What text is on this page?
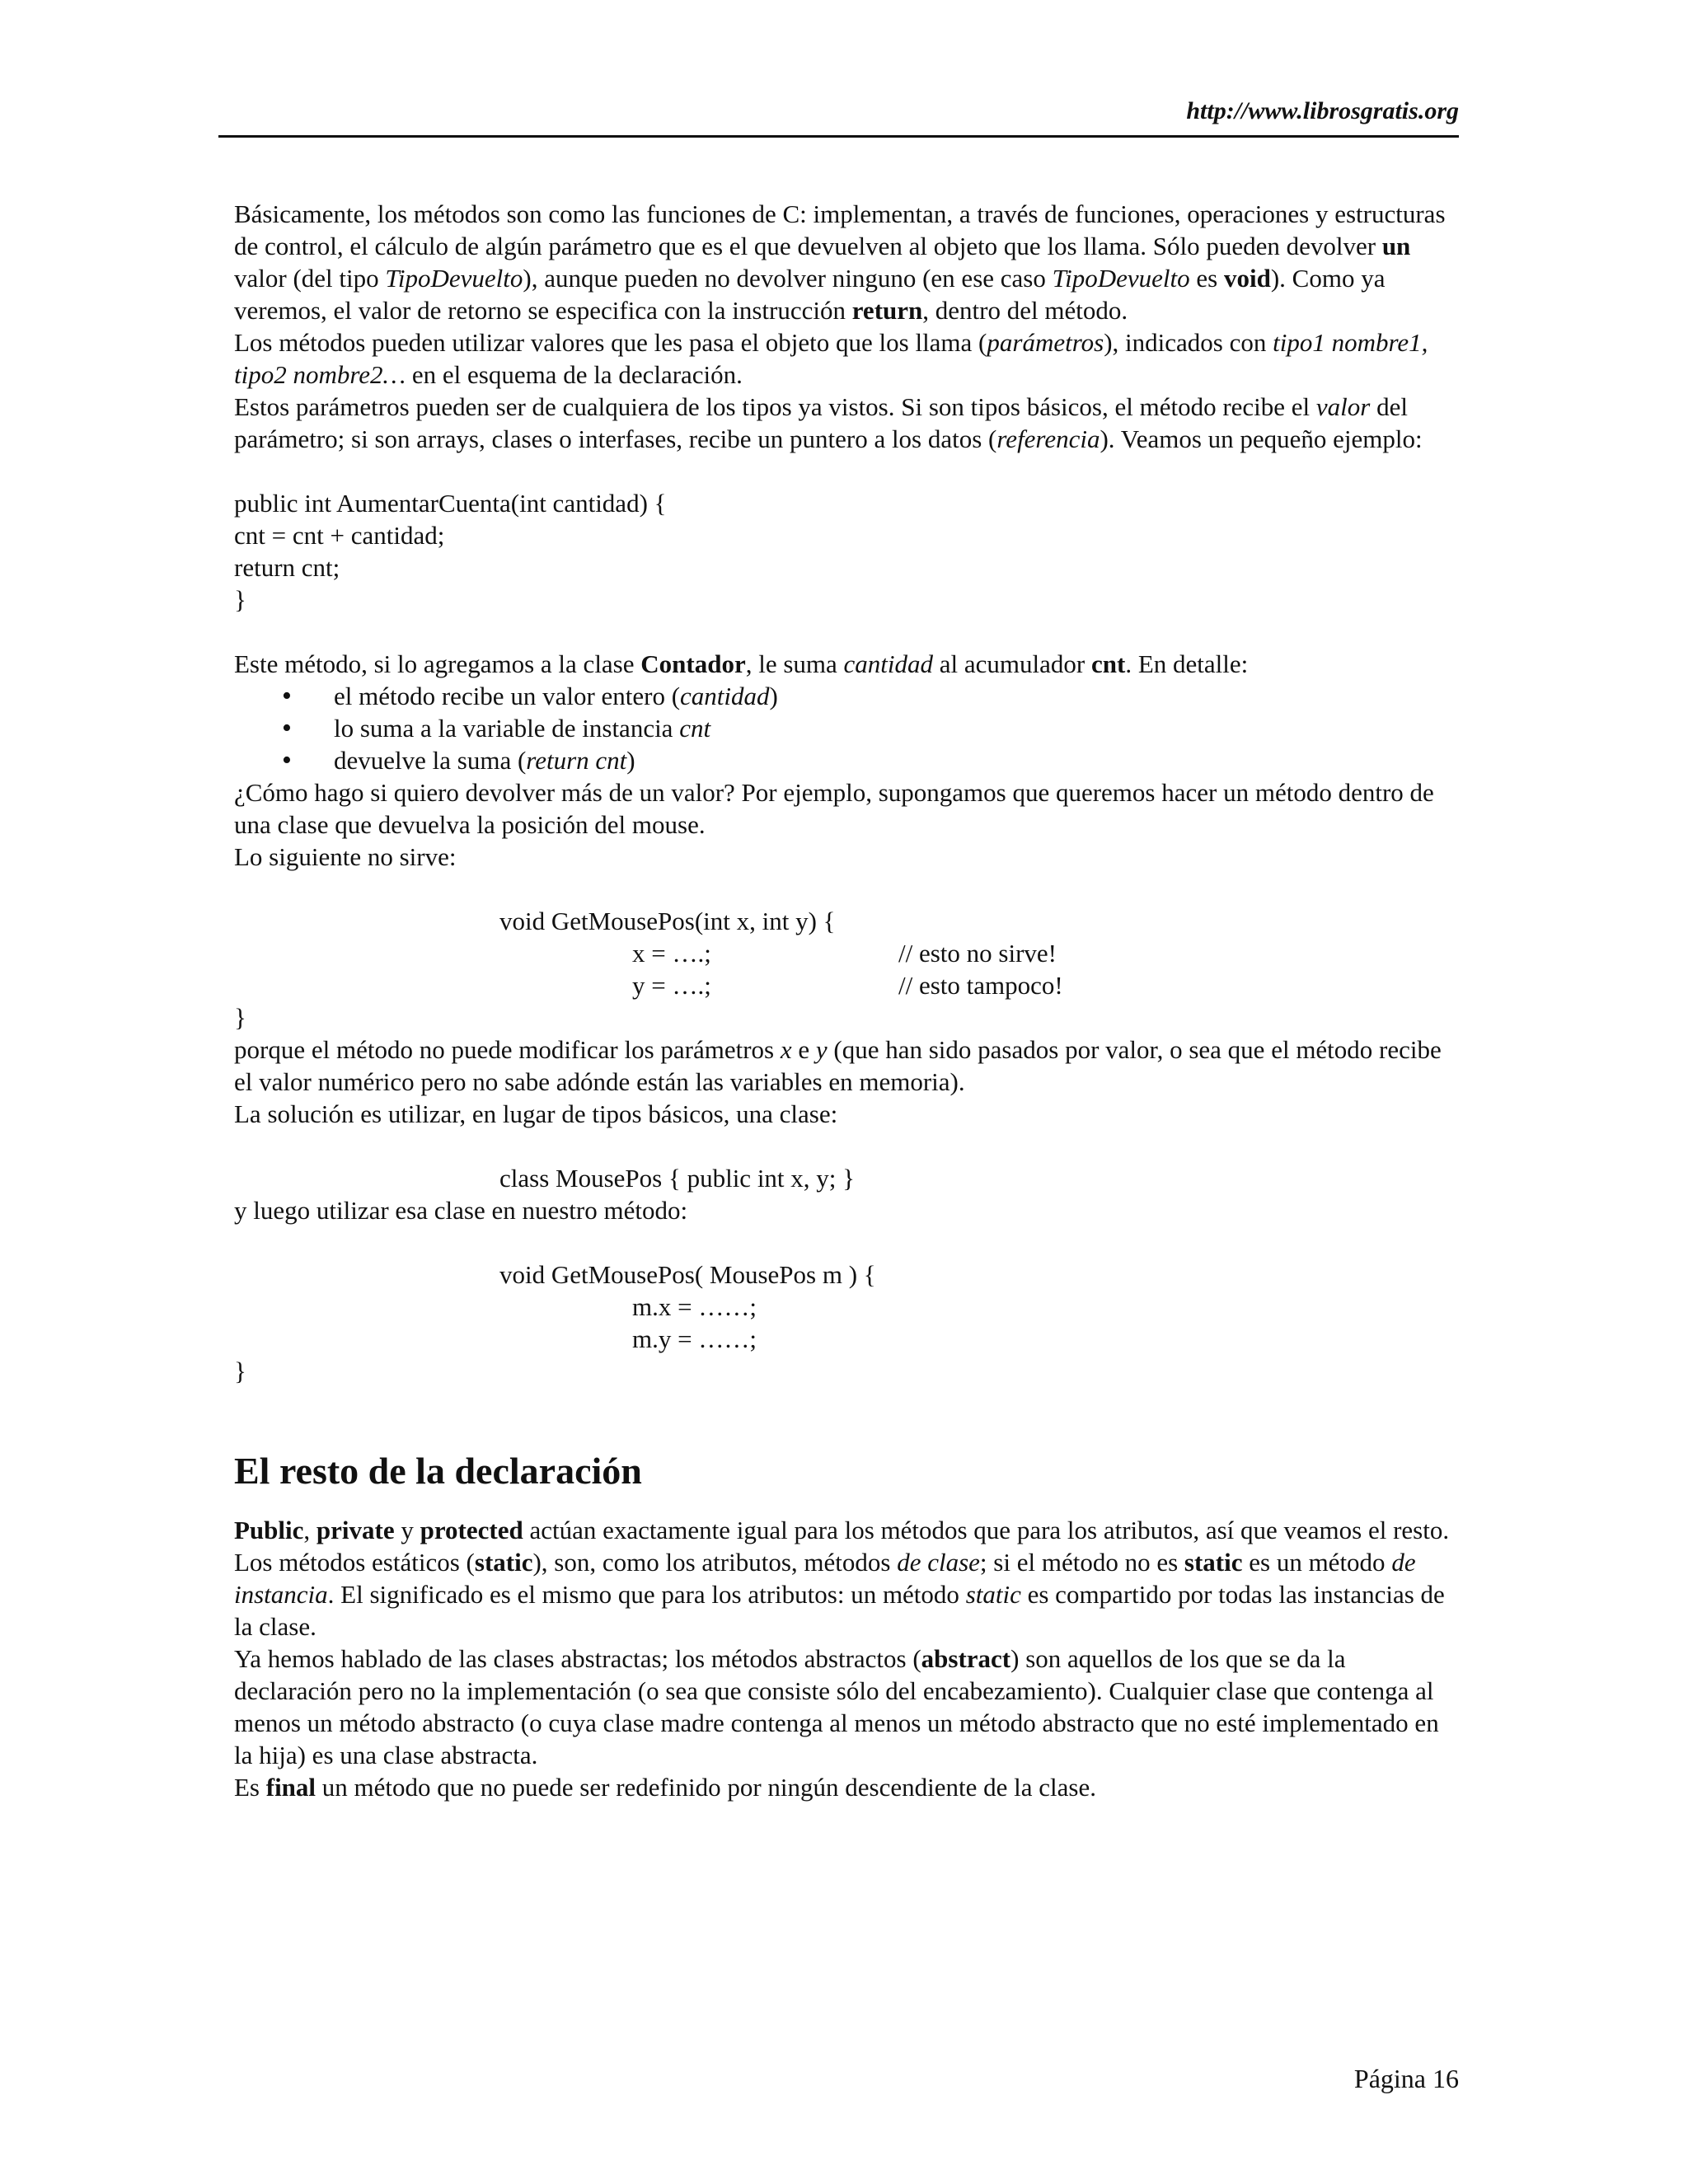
http://www.librosgratis.org

Básicamente, los métodos son como las funciones de C: implementan, a través de funciones, operaciones y estructuras de control, el cálculo de algún parámetro que es el que devuelven al objeto que los llama. Sólo pueden devolver un valor (del tipo TipoDevuelto), aunque pueden no devolver ninguno (en ese caso TipoDevuelto es void). Como ya veremos, el valor de retorno se especifica con la instrucción return, dentro del método.

Los métodos pueden utilizar valores que les pasa el objeto que los llama (parámetros), indicados con tipo1 nombre1, tipo2 nombre2… en el esquema de la declaración.

Estos parámetros pueden ser de cualquiera de los tipos ya vistos. Si son tipos básicos, el método recibe el valor del parámetro; si son arrays, clases o interfases, recibe un puntero a los datos (referencia). Veamos un pequeño ejemplo:

public int AumentarCuenta(int cantidad) {

cnt = cnt + cantidad;

return cnt;

}

Este método, si lo agregamos a la clase Contador, le suma cantidad al acumulador cnt. En detalle:

• el método recibe un valor entero (cantidad)
• lo suma a la variable de instancia cnt
• devuelve la suma (return cnt)

¿Cómo hago si quiero devolver más de un valor? Por ejemplo, supongamos que queremos hacer un método dentro de una clase que devuelva la posición del mouse.

Lo siguiente no sirve:

void GetMousePos(int x, int y) {

x = ….;	// esto no sirve!

y = ….;	// esto tampoco!

}

porque el método no puede modificar los parámetros x e y (que han sido pasados por valor, o sea que el método recibe el valor numérico pero no sabe adónde están las variables en memoria).

La solución es utilizar, en lugar de tipos básicos, una clase:

class MousePos { public int x, y; }

y luego utilizar esa clase en nuestro método:

void GetMousePos( MousePos m ) {

m.x = ……;

m.y = ……;

}

El resto de la declaración

Public, private y protected actúan exactamente igual para los métodos que para los atributos, así que veamos el resto.

Los métodos estáticos (static), son, como los atributos, métodos de clase; si el método no es static es un método de instancia. El significado es el mismo que para los atributos: un método static es compartido por todas las instancias de la clase.

Ya hemos hablado de las clases abstractas; los métodos abstractos (abstract) son aquellos de los que se da la declaración pero no la implementación (o sea que consiste sólo del encabezamiento). Cualquier clase que contenga al menos un método abstracto (o cuya clase madre contenga al menos un método abstracto que no esté implementado en la hija) es una clase abstracta.

Es final un método que no puede ser redefinido por ningún descendiente de la clase.

Página 16
